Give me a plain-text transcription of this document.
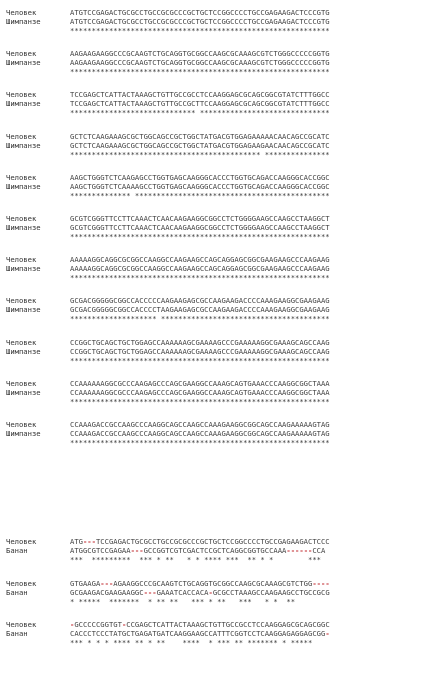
Человек	ATGTCCGAGACTGCGCCTGCCGCGCCCGCTGCTCCGGCCCCTGCCGAGAAGACTCCCGTG
Шимпанзе	ATGTCCGAGACTGCGCCTGCCGCGCCCGCTGCTCCGGCCCCTGCCGAGAAGACTCCCGTG
************************************************************
Человек	AAGAAGAAGGCCCGCAAGTCTGCAGGTGCGGCCAAGCGCAAAGCGTCTGGGCCCCCGGTG
Шимпанзе	AAGAAGAAGGCCCGCAAGTCTGCAGGTGCGGCCAAGCGCAAAGCGTCTGGGCCCCCGGTG
************************************************************
Человек	TCCGAGCTCATTACTAAAGCTGTTGCCGCCTCCAAGGAGCGCAGCGGCGTATCTTTGGCC
Шимпанзе	TCCGAGCTCATTACTAAAGCTGTTGCCGCTTCCAAGGAGCGCAGCGGCGTATCTTTGGCC
***************************** ******************************
Человек	GCTCTCAAGAAAGCGCTGGCAGCCGCTGGCTATGACGTGGAGAAAAACAACAGCCGCATC
Шимпанзе	GCTCTCAAGAAAGCGCTGGCAGCCGCTGGCTATGACGTGGAGAAGAACAACAGCCGCATC
******************************************** ***************
Человек	AAGCTGGGTCTCAAGAGCCTGGTGAGCAAGGGCACCCTGGTGCAGACCAAGGGCACCGGC
Шимпанзе	AAGCTGGGTCTCAAAAGCCTGGTGAGCAAGGGCACCCTGGTGCAGACCAAGGGCACCGGC
************** *********************************************
Человек	GCGTCGGGTTCCTTCAAACTCAACAAGAAGGCGGCCTCTGGGGAAGCCAAGCCTAAGGCT
Шимпанзе	GCGTCGGGTTCCTTCAAACTCAACAAGAAGGCGGCCTCTGGGGAAGCCAAGCCTAAGGCT
************************************************************
Человек	AAAAAGGCAGGCGCGGCCAAGGCCAAGAAGCCAGCAGGAGCGGCGAAGAAGCCCAAGAAG
Шимпанзе	AAAAAGGCAGGCGCGGCCAAGGCCAAGAAGCCAGCAGGAGCGGCGAAGAAGCCCAAGAAG
************************************************************
Человек	GCGACGGGGGCGGCCACCCCCAAGAAGAGCGCCAAGAAGACCCCAAAGAAGGCGAAGAAG
Шимпанзе	GCGACGGGGGCGGCCACCCCTAAGAAGAGCGCCAAGAAGACCCCAAAGAAGGCGAAGAAG
******************** ***************************************
Человек	CCGGCTGCAGCTGCTGGAGCCAAAAAAGCGAAAAGCCCGAAAAAGGCGAAAGCAGCCAAG
Шимпанзе	CCGGCTGCAGCTGCTGGAGCCAAAAAAGCGAAAAGCCCGAAAAAGGCGAAAGCAGCCAAG
************************************************************
Человек	CCAAAAAAGGCGCCCAAGAGCCCAGCGAAGGCCAAAGCAGTGAAACCCAAGGCGGCTAAA
Шимпанзе	CCAAAAAAGGCGCCCAAGAGCCCAGCGAAGGCCAAAGCAGTGAAACCCAAGGCGGCTAAA
************************************************************
Человек	CCAAAGACCGCCAAGCCCAAGGCAGCCAAGCCAAAGAAGGCGGCAGCCAAGAAAAAGTAG
Шимпанзе	CCAAAGACCGCCAAGCCCAAGGCAGCCAAGCCAAAGAAGGCGGCAGCCAAGAAAAAGTAG
************************************************************
Человек	ATG---TCCGAGACTGCGCCTGCCGCGCCCGCTGCTCCGGCCCCTGCCGAGAAGACTCCC
Банан	ATGGCGTCCGAGAA---GCCGGTCGTCGACTCCGCTCAGGCGGTGCCAAA------CCA
***  *********  *** * **   * * **** ***  ** * *        ***
Человек	GTGAAGA---AGAAGGCCCGCAAGTCTGCAGGTGCGGCCAAGCGCAAAGCGTCTGG----
Банан	GCGAAGACGAAGAAGGC---GAAATCACCACA-GCGCCTAAAGCCAAGAAGCCTGCCGCG
* *****  *******  * ** **   *** * **   ***   * *  **
Человек	-GCCCCCGGTGT-CCGAGCTCATTACTAAAGCTGTTGCCGCCTCCAAGGAGCGCAGCGGC
Банан	CACCCTCCCTATGCTGAGATGATCAAGGAAGCCATTTCGGTCCTCAAGGAGAGGAGCGG-
*** * * * **** ** * **    ****  * *** ** ******* * *****
